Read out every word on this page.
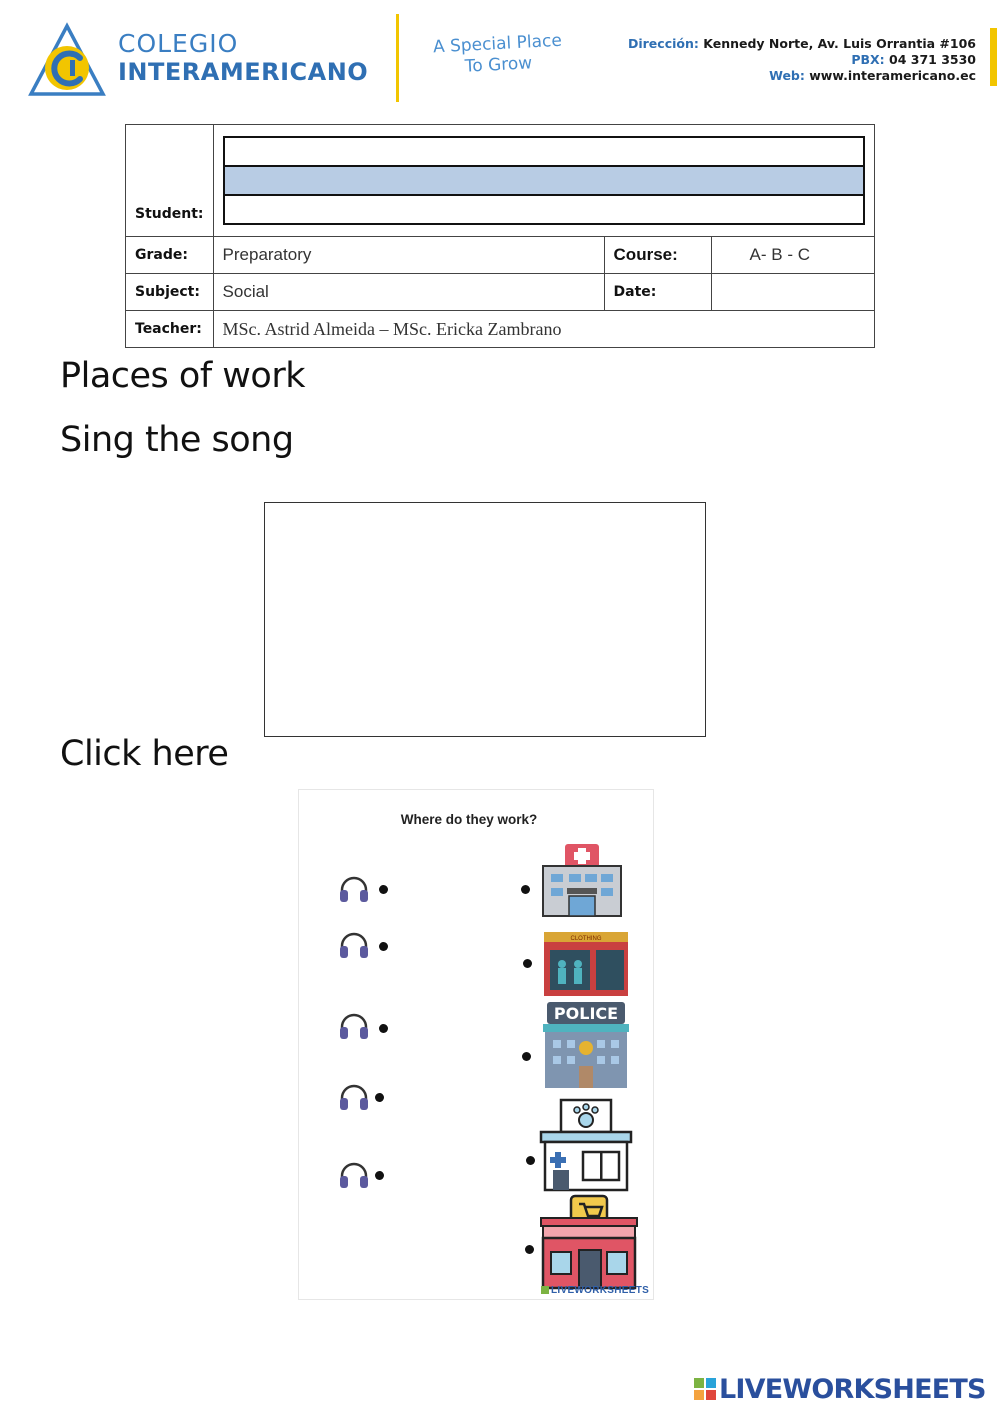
COLEGIO
INTERAMERICANO
A Special Place
To Grow
Dirección: Kennedy Norte, Av. Luis Orrantia #106
PBX: 04 371 3530
Web: www.interamericano.ec
Student:			

Grade:	Preparatory	Course:	A- B - C
Subject:	Social	Date:	
Teacher:	MSc. Astrid Almeida – MSc. Ericka Zambrano		
Places of work
Sing the song
Click here
Where do they work?
CLOTHING
POLICE
LIVEWORKSHEETS
LIVEWORKSHEETS
